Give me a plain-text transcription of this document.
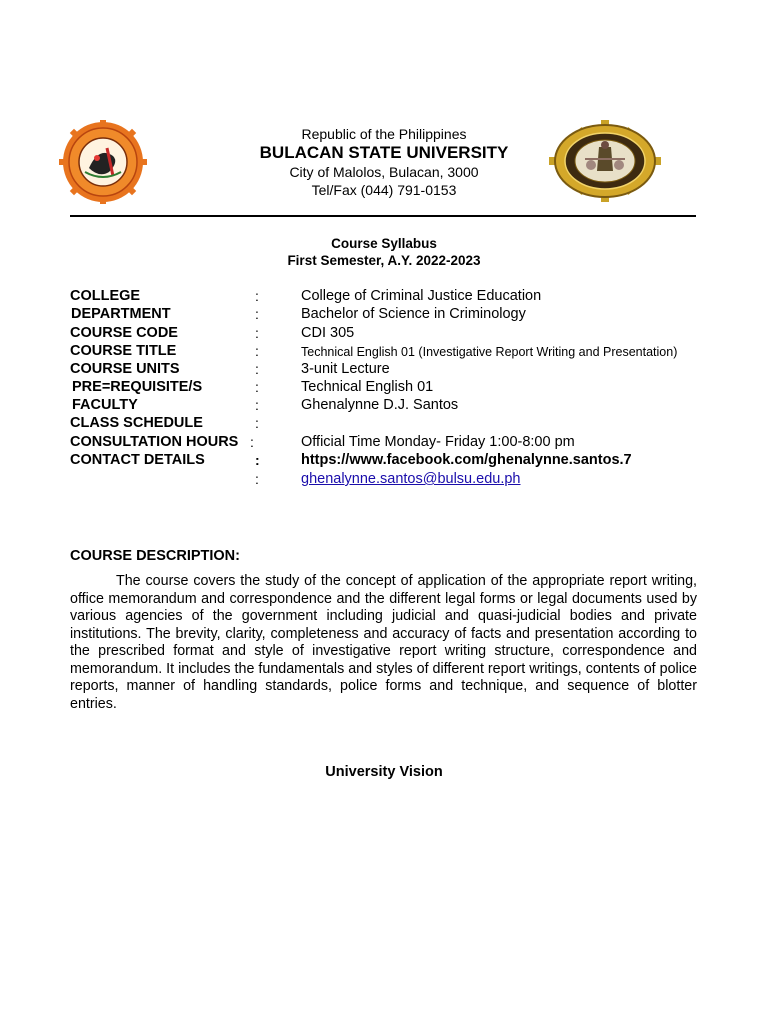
Republic of the Philippines
BULACAN STATE UNIVERSITY
City of Malolos, Bulacan, 3000
Tel/Fax (044) 791-0153
Course Syllabus
First Semester, A.Y. 2022-2023
COLLEGE	:	College of Criminal Justice Education
DEPARTMENT	:	Bachelor of Science in Criminology
COURSE CODE	:	CDI 305
COURSE TITLE	:	Technical English 01 (Investigative Report Writing and Presentation)
COURSE UNITS	:	3-unit Lecture
PRE=REQUISITE/S	:	Technical English 01
FACULTY	:	Ghenalynne D.J. Santos
CLASS SCHEDULE	:
CONSULTATION HOURS :	Official Time Monday- Friday 1:00-8:00 pm
CONTACT DETAILS	:	https://www.facebook.com/ghenalynne.santos.7
:	ghenalynne.santos@bulsu.edu.ph
COURSE DESCRIPTION:

The course covers the study of the concept of application of the appropriate report writing, office memorandum and correspondence and the different legal forms or legal documents used by various agencies of the government including judicial and quasi-judicial bodies and private institutions. The brevity, clarity, completeness and accuracy of facts and presentation according to the prescribed format and style of investigative report writing structure, correspondence and memorandum. It includes the fundamentals and styles of different report writings, contents of police reports, manner of handling standards, police forms and technique, and sequence of blotter entries.

University Vision
